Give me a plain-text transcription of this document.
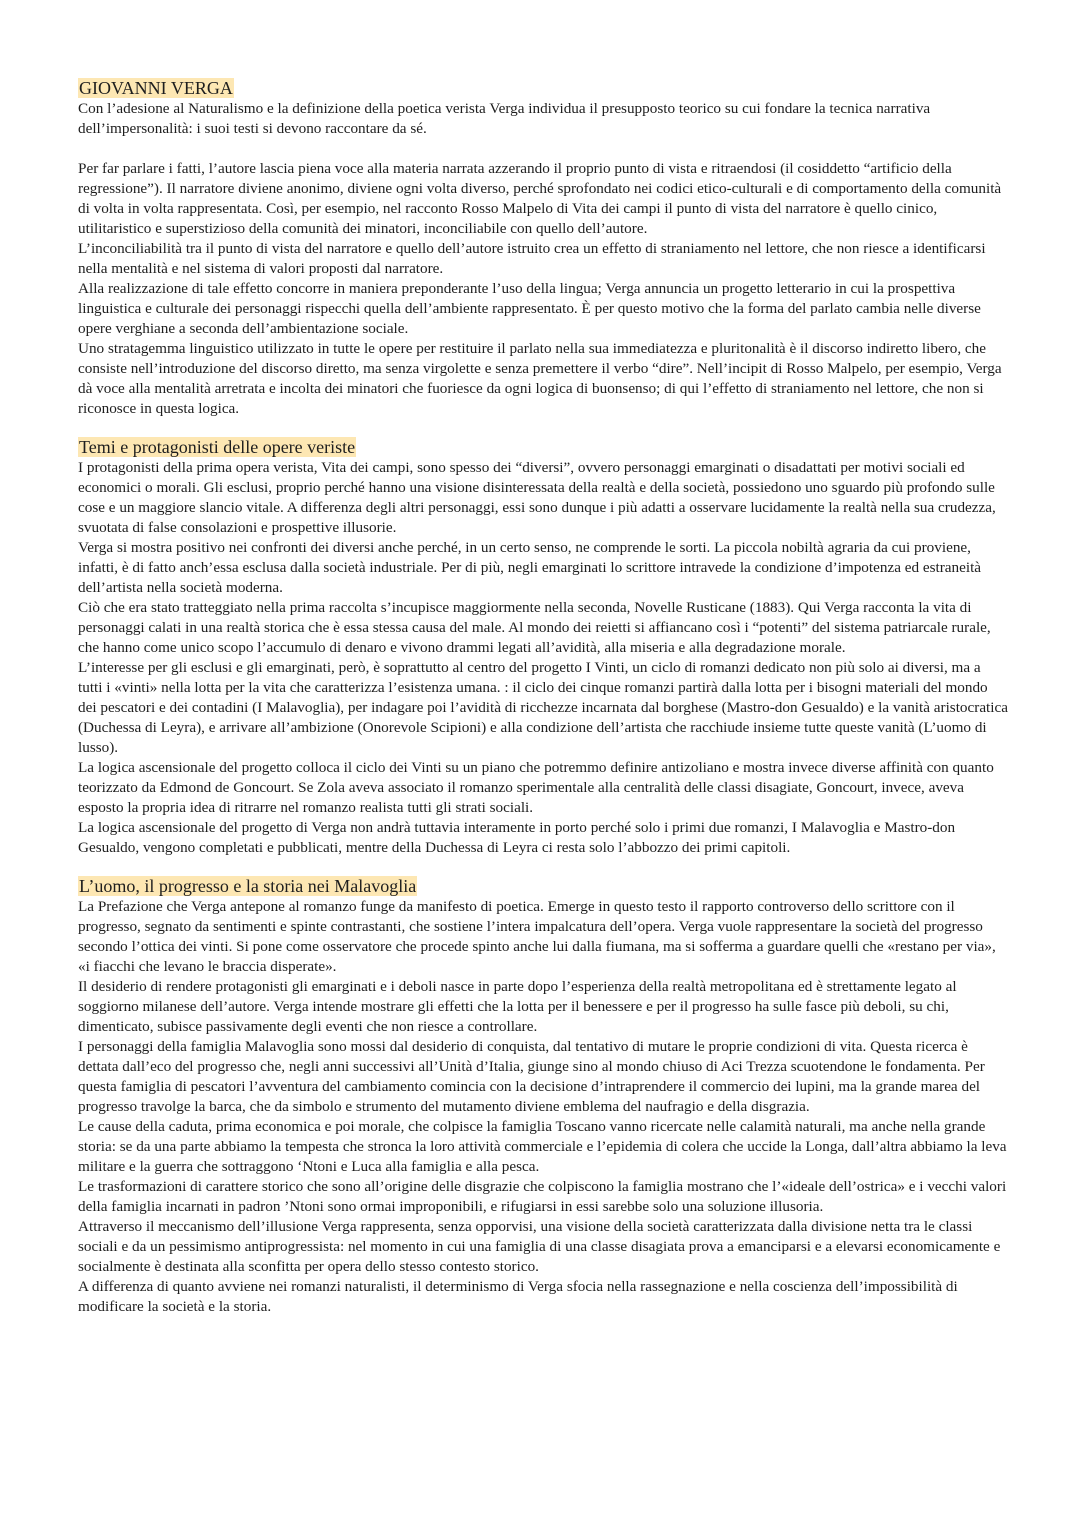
GIOVANNI VERGA

Con l’adesione al Naturalismo e la definizione della poetica verista Verga individua il presupposto teorico su cui fondare la tecnica narrativa dell’impersonalità: i suoi testi si devono raccontare da sé.

Per far parlare i fatti, l’autore lascia piena voce alla materia narrata azzerando il proprio punto di vista e ritraendosi (il cosiddetto “artificio della regressione”). Il narratore diviene anonimo, diviene ogni volta diverso, perché sprofondato nei codici etico-culturali e di comportamento della comunità di volta in volta rappresentata. Così, per esempio, nel racconto Rosso Malpelo di Vita dei campi il punto di vista del narratore è quello cinico, utilitaristico e superstizioso della comunità dei minatori, inconciliabile con quello dell’autore.

L’inconciliabilità tra il punto di vista del narratore e quello dell’autore istruito crea un effetto di straniamento nel lettore, che non riesce a identificarsi nella mentalità e nel sistema di valori proposti dal narratore.

Alla realizzazione di tale effetto concorre in maniera preponderante l’uso della lingua; Verga annuncia un progetto letterario in cui la prospettiva linguistica e culturale dei personaggi rispecchi quella dell’ambiente rappresentato. È per questo motivo che la forma del parlato cambia nelle diverse opere verghiane a seconda dell’ambientazione sociale.

Uno stratagemma linguistico utilizzato in tutte le opere per restituire il parlato nella sua immediatezza e pluritonalità è il discorso indiretto libero, che consiste nell’introduzione del discorso diretto, ma senza virgolette e senza premettere il verbo “dire”. Nell’incipit di Rosso Malpelo, per esempio, Verga dà voce alla mentalità arretrata e incolta dei minatori che fuoriesce da ogni logica di buonsenso; di qui l’effetto di straniamento nel lettore, che non si riconosce in questa logica.

Temi e protagonisti delle opere veriste

I protagonisti della prima opera verista, Vita dei campi, sono spesso dei “diversi”, ovvero personaggi emarginati o disadattati per motivi sociali ed economici o morali. Gli esclusi, proprio perché hanno una visione disinteressata della realtà e della società, possiedono uno sguardo più profondo sulle cose e un maggiore slancio vitale. A differenza degli altri personaggi, essi sono dunque i più adatti a osservare lucidamente la realtà nella sua crudezza, svuotata di false consolazioni e prospettive illusorie.

Verga si mostra positivo nei confronti dei diversi anche perché, in un certo senso, ne comprende le sorti. La piccola nobiltà agraria da cui proviene, infatti, è di fatto anch’essa esclusa dalla società industriale. Per di più, negli emarginati lo scrittore intravede la condizione d’impotenza ed estraneità dell’artista nella società moderna.

Ciò che era stato tratteggiato nella prima raccolta s’incupisce maggiormente nella seconda, Novelle Rusticane (1883). Qui Verga racconta la vita di personaggi calati in una realtà storica che è essa stessa causa del male. Al mondo dei reietti si affiancano così i “potenti” del sistema patriarcale rurale, che hanno come unico scopo l’accumulo di denaro e vivono drammi legati all’avidità, alla miseria e alla degradazione morale.

L’interesse per gli esclusi e gli emarginati, però, è soprattutto al centro del progetto I Vinti, un ciclo di romanzi dedicato non più solo ai diversi, ma a tutti i «vinti» nella lotta per la vita che caratterizza l’esistenza umana. : il ciclo dei cinque romanzi partirà dalla lotta per i bisogni materiali del mondo dei pescatori e dei contadini (I Malavoglia), per indagare poi l’avidità di ricchezze incarnata dal borghese (Mastro-don Gesualdo) e la vanità aristocratica (Duchessa di Leyra), e arrivare all’ambizione (Onorevole Scipioni) e alla condizione dell’artista che racchiude insieme tutte queste vanità (L’uomo di lusso).

La logica ascensionale del progetto colloca il ciclo dei Vinti su un piano che potremmo definire antizoliano e mostra invece diverse affinità con quanto teorizzato da Edmond de Goncourt. Se Zola aveva associato il romanzo sperimentale alla centralità delle classi disagiate, Goncourt, invece, aveva esposto la propria idea di ritrarre nel romanzo realista tutti gli strati sociali.

La logica ascensionale del progetto di Verga non andrà tuttavia interamente in porto perché solo i primi due romanzi, I Malavoglia e Mastro-don Gesualdo, vengono completati e pubblicati, mentre della Duchessa di Leyra ci resta solo l’abbozzo dei primi capitoli.

L’uomo, il progresso e la storia nei Malavoglia

La Prefazione che Verga antepone al romanzo funge da manifesto di poetica. Emerge in questo testo il rapporto controverso dello scrittore con il progresso, segnato da sentimenti e spinte contrastanti, che sostiene l’intera impalcatura dell’opera. Verga vuole rappresentare la società del progresso secondo l’ottica dei vinti. Si pone come osservatore che procede spinto anche lui dalla fiumana, ma si sofferma a guardare quelli che «restano per via», «i fiacchi che levano le braccia disperate».

Il desiderio di rendere protagonisti gli emarginati e i deboli nasce in parte dopo l’esperienza della realtà metropolitana ed è strettamente legato al soggiorno milanese dell’autore. Verga intende mostrare gli effetti che la lotta per il benessere e per il progresso ha sulle fasce più deboli, su chi, dimenticato, subisce passivamente degli eventi che non riesce a controllare.

I personaggi della famiglia Malavoglia sono mossi dal desiderio di conquista, dal tentativo di mutare le proprie condizioni di vita. Questa ricerca è dettata dall’eco del progresso che, negli anni successivi all’Unità d’Italia, giunge sino al mondo chiuso di Aci Trezza scuotendone le fondamenta. Per questa famiglia di pescatori l’avventura del cambiamento comincia con la decisione d’intraprendere il commercio dei lupini, ma la grande marea del progresso travolge la barca, che da simbolo e strumento del mutamento diviene emblema del naufragio e della disgrazia.

Le cause della caduta, prima economica e poi morale, che colpisce la famiglia Toscano vanno ricercate nelle calamità naturali, ma anche nella grande storia: se da una parte abbiamo la tempesta che stronca la loro attività commerciale e l’epidemia di colera che uccide la Longa, dall’altra abbiamo la leva militare e la guerra che sottraggono ‘Ntoni e Luca alla famiglia e alla pesca.

Le trasformazioni di carattere storico che sono all’origine delle disgrazie che colpiscono la famiglia mostrano che l’«ideale dell’ostrica» e i vecchi valori della famiglia incarnati in padron ’Ntoni sono ormai improponibili, e rifugiarsi in essi sarebbe solo una soluzione illusoria.

Attraverso il meccanismo dell’illusione Verga rappresenta, senza opporvisi, una visione della società caratterizzata dalla divisione netta tra le classi sociali e da un pessimismo antiprogressista: nel momento in cui una famiglia di una classe disagiata prova a emanciparsi e a elevarsi economicamente e socialmente è destinata alla sconfitta per opera dello stesso contesto storico.

A differenza di quanto avviene nei romanzi naturalisti, il determinismo di Verga sfocia nella rassegnazione e nella coscienza dell’impossibilità di modificare la società e la storia.
